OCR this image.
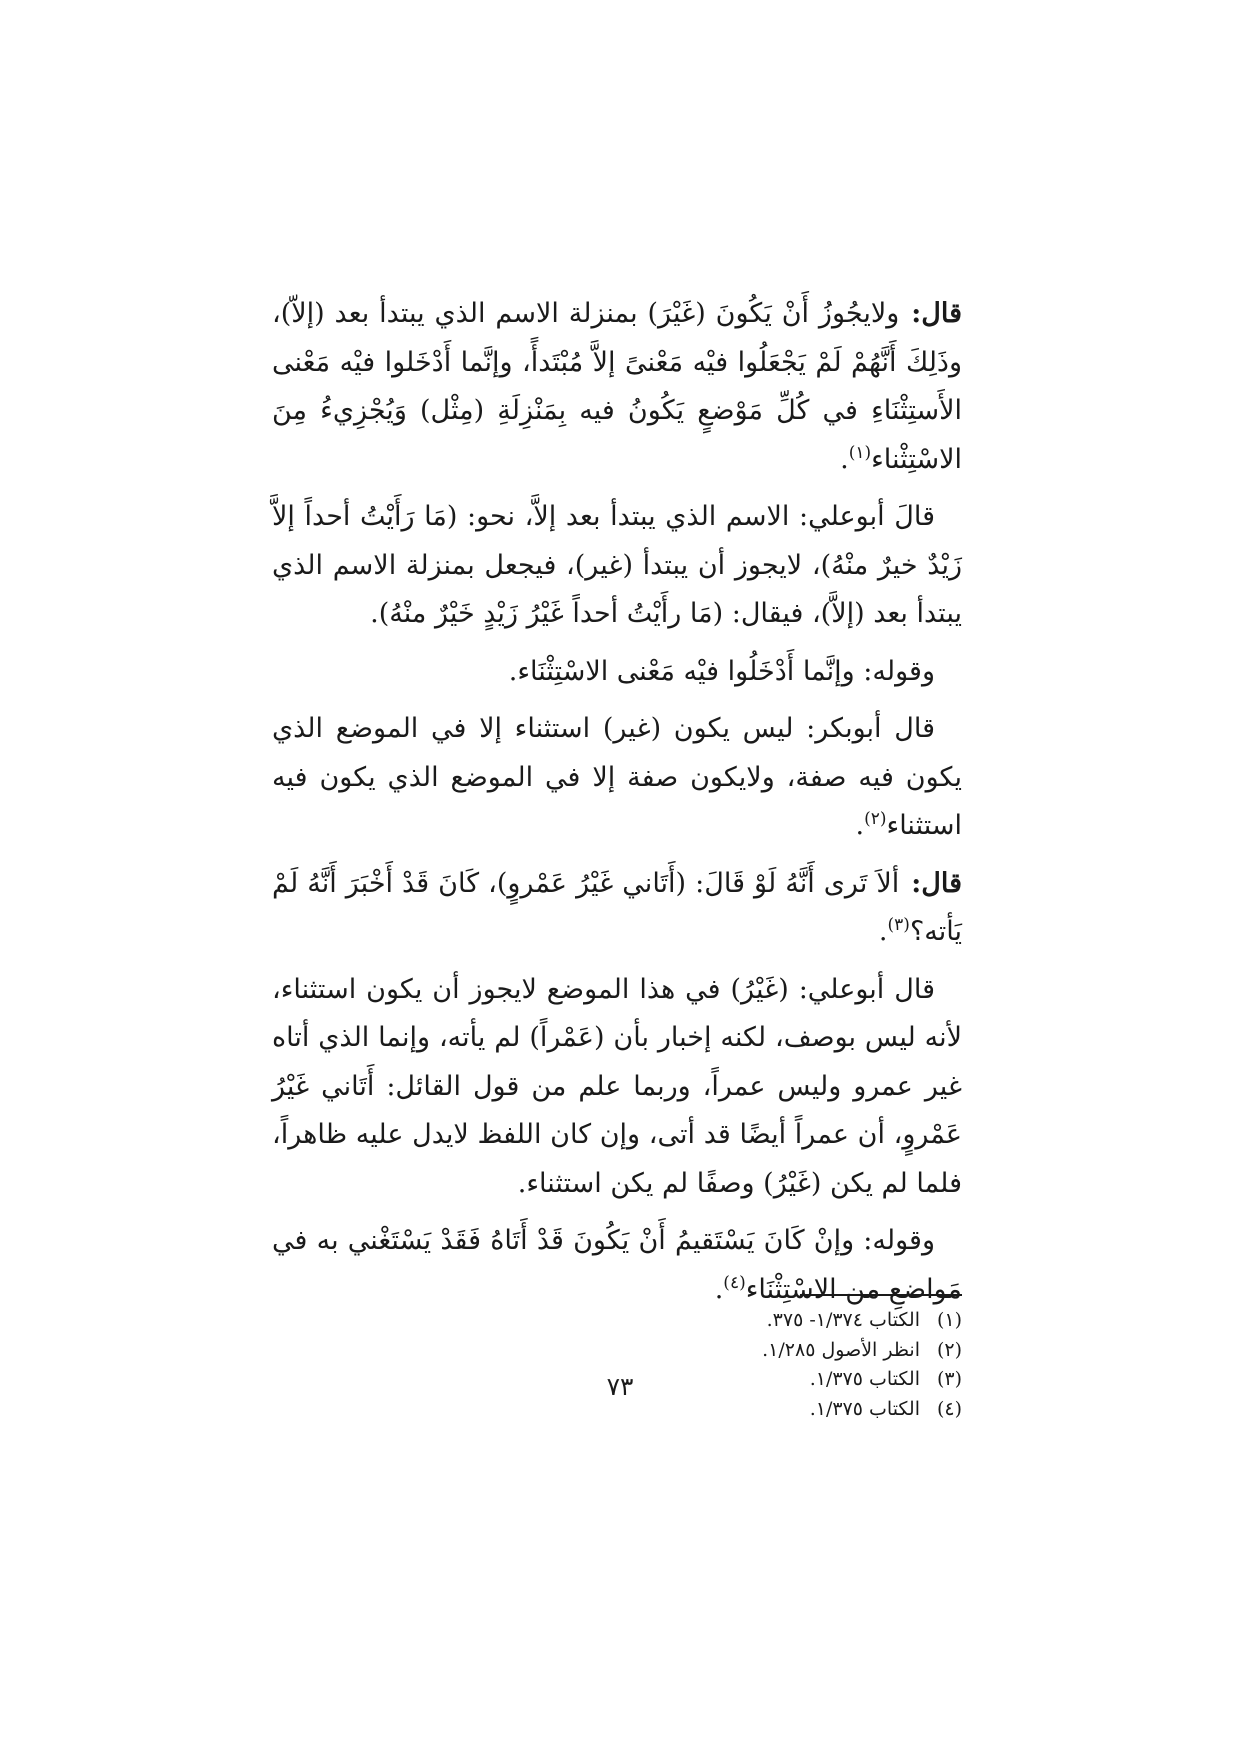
قال:ولايجُوزُ أَنْ يَكُونَ (غَيْرَ) بمنزلة الاسم الذي يبتدأ بعد (إلاّ)، وذَلِكَ أَنَّهُمْ لَمْ يَجْعَلُوا فيْه مَعْنىً إلاَّ مُبْتَدأً، وإنَّما أَدْخَلوا فيْه مَعْنى الأَستِثْنَاءِ في كُلِّ مَوْضعٍ يَكُونُ فيه بِمَنْزِلَةِ (مِثْل) وَيُجْزِيءُ مِنَ الاسْتِثْناء$^{(١)}$.

قالَ أبوعلي: الاسم الذي يبتدأ بعد إلاَّ، نحو: (مَا رَأَيْتُ أحداً إلاَّ زَيْدٌ خيرٌ منْهُ)، لايجوز أن يبتدأ (غير)، فيجعل بمنزلة الاسم الذي يبتدأ بعد (إلاَّ)، فيقال: (مَا رأَيْتُ أحداً غَيْرُ زَيْدٍ خَيْرٌ منْهُ).

وقوله: وإنَّما أَدْخَلُوا فيْه مَعْنى الاسْتِثْنَاء.

قال أبوبكر: ليس يكون (غير) استثناء إلا في الموضع الذي يكون فيه صفة، ولايكون صفة إلا في الموضع الذي يكون فيه استثناء$^{(٢)}$.

قال:ألاَ تَرى أَنَّهُ لَوْ قَالَ: (أَتَاني غَيْرُ عَمْروٍ)، كَانَ قَدْ أَخْبَرَ أَنَّهُ لَمْ يَأته؟$^{(٣)}$.

قال أبوعلي: (غَيْرُ) في هذا الموضع لايجوز أن يكون استثناء، لأنه ليس بوصف، لكنه إخبار بأن (عَمْراً) لم يأته، وإنما الذي أتاه غير عمرو وليس عمراً، وربما علم من قول القائل: أَتَاني غَيْرُ عَمْروٍ، أن عمراً أيضًا قد أتى، وإن كان اللفظ لايدل عليه ظاهراً، فلما لم يكن (غَيْرُ) وصفًا لم يكن استثناء.

وقوله: وإنْ كَانَ يَسْتَقيمُ أَنْ يَكُونَ قَدْ أَتَاهُ فَقَدْ يَسْتَغْني به في مَواضعِ من الاسْتِثْنَاء$^{(٤)}$.

(١)
الكتاب ١/٣٧٤- ٣٧٥.
(٢)
انظر الأصول ١/٢٨٥.
(٣)
الكتاب ١/٣٧٥.
(٤)
الكتاب ١/٣٧٥.
٧٣
